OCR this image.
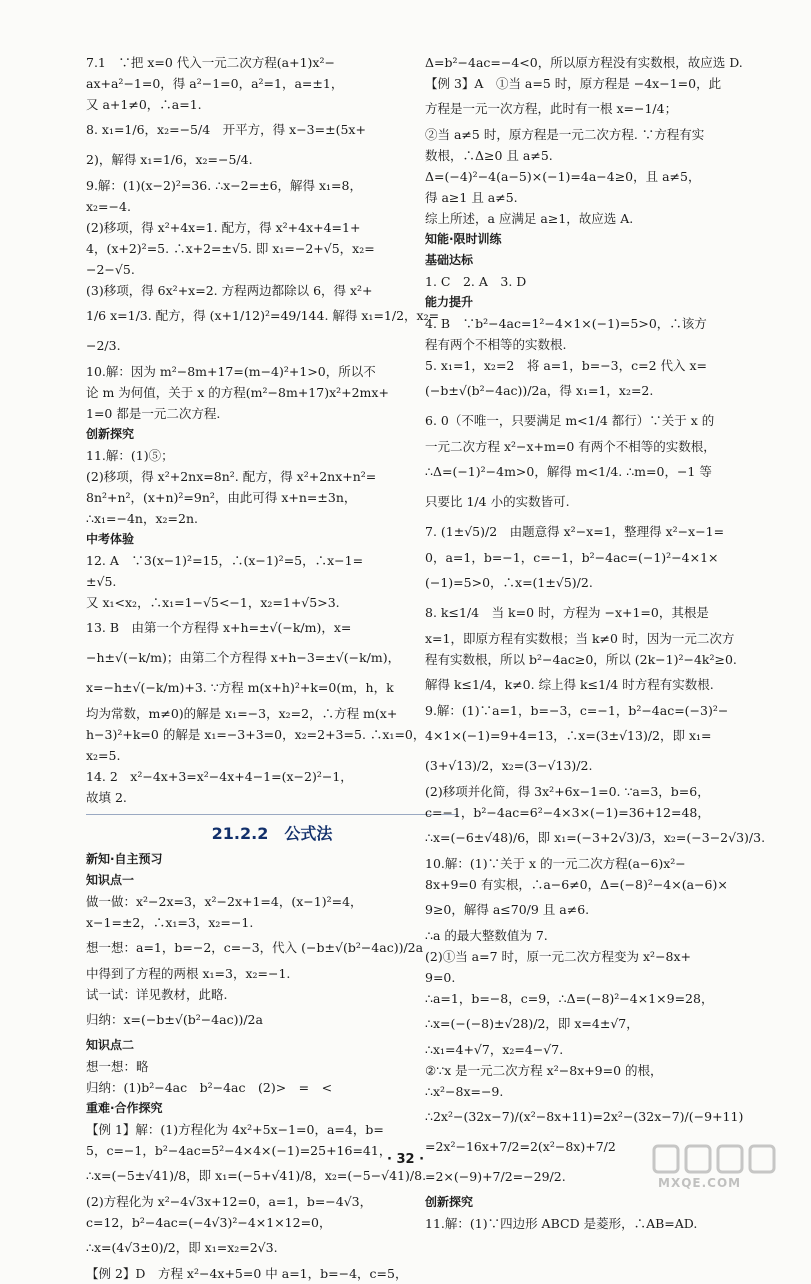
7.1　∵把 x=0 代入一元二次方程(a+1)x²−
ax+a²−1=0，得 a²−1=0，a²=1，a=±1，
又 a+1≠0，∴a=1.
8. x₁=1/6，x₂=−5/4　开平方，得 x−3=±(5x+
2)，解得 x₁=1/6，x₂=−5/4.
9.解：(1)(x−2)²=36. ∴x−2=±6，解得 x₁=8，
x₂=−4.
(2)移项，得 x²+4x=1. 配方，得 x²+4x+4=1+
4，(x+2)²=5. ∴x+2=±√5. 即 x₁=−2+√5，x₂=
−2−√5.
(3)移项，得 6x²+x=2. 方程两边都除以 6，得 x²+
1/6 x=1/3. 配方，得 (x+1/12)²=49/144. 解得 x₁=1/2，x₂=
−2/3.
10.解：因为 m²−8m+17=(m−4)²+1>0，所以不
论 m 为何值，关于 x 的方程(m²−8m+17)x²+2mx+
1=0 都是一元二次方程.
创新探究
11.解：(1)⑤；
(2)移项，得 x²+2nx=8n². 配方，得 x²+2nx+n²=
8n²+n²，(x+n)²=9n²，由此可得 x+n=±3n，
∴x₁=−4n，x₂=2n.
中考体验
12. A　∵3(x−1)²=15，∴(x−1)²=5，∴x−1=
±√5.
又 x₁<x₂，∴x₁=1−√5<−1，x₂=1+√5>3.
13. B　由第一个方程得 x+h=±√(−k/m)，x=
−h±√(−k/m)；由第二个方程得 x+h−3=±√(−k/m)，
x=−h±√(−k/m)+3. ∵方程 m(x+h)²+k=0(m，h，k
均为常数，m≠0)的解是 x₁=−3，x₂=2，∴方程 m(x+
h−3)²+k=0 的解是 x₁=−3+3=0，x₂=2+3=5. ∴x₁=0，
x₂=5.
14. 2　x²−4x+3=x²−4x+4−1=(x−2)²−1，
故填 2.
21.2.2　公式法
新知·自主预习
知识点一
做一做：x²−2x=3，x²−2x+1=4，(x−1)²=4，
x−1=±2，∴x₁=3，x₂=−1.
想一想：a=1，b=−2，c=−3，代入 (−b±√(b²−4ac))/2a
中得到了方程的两根 x₁=3，x₂=−1.
试一试：详见教材，此略.
归纳：x=(−b±√(b²−4ac))/2a
知识点二
想一想：略
归纳：(1)b²−4ac　b²−4ac　(2)>　=　<
重难·合作探究
【例 1】解：(1)方程化为 4x²+5x−1=0，a=4，b=
5，c=−1，b²−4ac=5²−4×4×(−1)=25+16=41，
∴x=(−5±√41)/8，即 x₁=(−5+√41)/8，x₂=(−5−√41)/8.
(2)方程化为 x²−4√3x+12=0，a=1，b=−4√3，
c=12，b²−4ac=(−4√3)²−4×1×12=0，
∴x=(4√3±0)/2，即 x₁=x₂=2√3.
【例 2】D　方程 x²−4x+5=0 中 a=1，b=−4，c=5，
Δ=b²−4ac=−4<0，所以原方程没有实数根，故应选 D.
【例 3】A　①当 a=5 时，原方程是 −4x−1=0，此
方程是一元一次方程，此时有一根 x=−1/4；
②当 a≠5 时，原方程是一元二次方程. ∵方程有实
数根，∴Δ≥0 且 a≠5.
Δ=(−4)²−4(a−5)×(−1)=4a−4≥0，且 a≠5，
得 a≥1 且 a≠5.
综上所述，a 应满足 a≥1，故应选 A.
知能·限时训练
基础达标
1. C　2. A　3. D
能力提升
4. B　∵b²−4ac=1²−4×1×(−1)=5>0，∴该方
程有两个不相等的实数根.
5. x₁=1，x₂=2　将 a=1，b=−3，c=2 代入 x=
(−b±√(b²−4ac))/2a，得 x₁=1，x₂=2.
6. 0（不唯一，只要满足 m<1/4 都行）∵关于 x 的
一元二次方程 x²−x+m=0 有两个不相等的实数根，
∴Δ=(−1)²−4m>0，解得 m<1/4. ∴m=0，−1 等
只要比 1/4 小的实数皆可.
7. (1±√5)/2　由题意得 x²−x=1，整理得 x²−x−1=
0，a=1，b=−1，c=−1，b²−4ac=(−1)²−4×1×
(−1)=5>0，∴x=(1±√5)/2.
8. k≤1/4　当 k=0 时，方程为 −x+1=0，其根是
x=1，即原方程有实数根；当 k≠0 时，因为一元二次方
程有实数根，所以 b²−4ac≥0，所以 (2k−1)²−4k²≥0.
解得 k≤1/4，k≠0. 综上得 k≤1/4 时方程有实数根.
9.解：(1)∵a=1，b=−3，c=−1，b²−4ac=(−3)²−
4×1×(−1)=9+4=13，∴x=(3±√13)/2，即 x₁=
(3+√13)/2，x₂=(3−√13)/2.
(2)移项并化简，得 3x²+6x−1=0. ∵a=3，b=6，
c=−1，b²−4ac=6²−4×3×(−1)=36+12=48，
∴x=(−6±√48)/6，即 x₁=(−3+2√3)/3，x₂=(−3−2√3)/3.
10.解：(1)∵关于 x 的一元二次方程(a−6)x²−
8x+9=0 有实根，∴a−6≠0，Δ=(−8)²−4×(a−6)×
9≥0，解得 a≤70/9 且 a≠6.
∴a 的最大整数值为 7.
(2)①当 a=7 时，原一元二次方程变为 x²−8x+
9=0.
∴a=1，b=−8，c=9，∴Δ=(−8)²−4×1×9=28，
∴x=(−(−8)±√28)/2，即 x=4±√7，
∴x₁=4+√7，x₂=4−√7.
②∵x 是一元二次方程 x²−8x+9=0 的根，
∴x²−8x=−9.
∴2x²−(32x−7)/(x²−8x+11)=2x²−(32x−7)/(−9+11)
=2x²−16x+7/2=2(x²−8x)+7/2
=2×(−9)+7/2=−29/2.
创新探究
11.解：(1)∵四边形 ABCD 是菱形，∴AB=AD.
· 32 ·
MXQE.COM
